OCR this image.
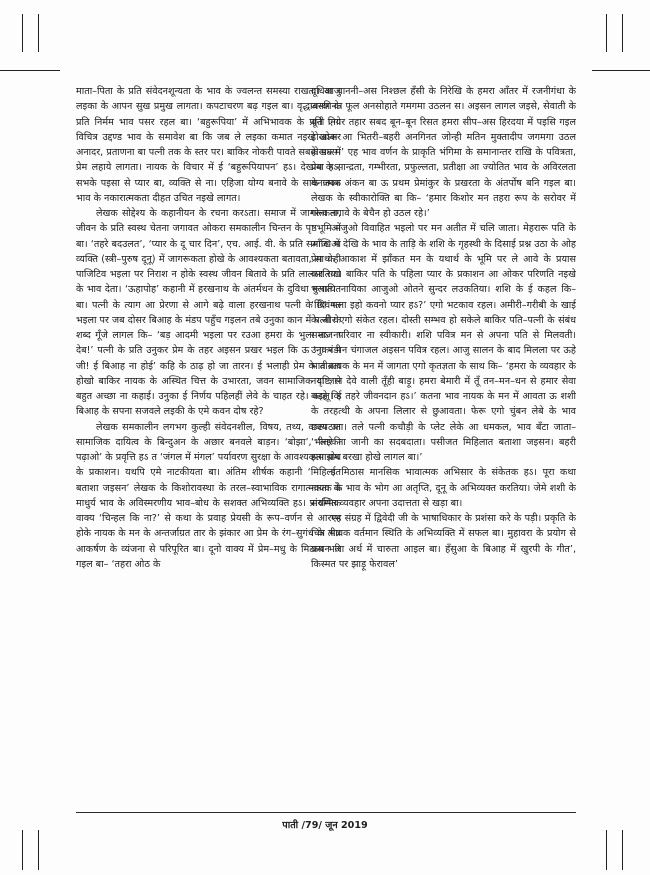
माता–पिता के प्रति संवेदनशून्यता के भाव के ज्वलन्त समस्या राखता। आजु लइका के आपन सुख प्रमुख लागता। कपटाचरण बढ़ गइल बा। वृद्धावस्था के प्रति निर्मम भाव पसर रहल बा। ‘बहुरूपिया’ में अभिभावक के प्रति एगो विचित्र उद्दण्ड भाव के समावेश बा कि जब ले लइका कमात नइखे ओकर अनादर, प्रताणना बा पत्नी तक के स्तर पर। बाकिर नोकरी पावते सबके मन में प्रेम लहाये लागता। नायक के विचार में ई ‘बहुरूपियापन’ हऽ। देखावा हऽ, सभके पइसा से प्यार बा, व्यक्ति से ना। एहिजा योग्य बनावे के साधनात्मक भाव के नकारात्मकता दीहत उचित नइखे लागत।

लेखक सोद्देश्य के कहानीयन के रचना करऽता। समाज में जागरूकता, जीवन के प्रति स्वस्थ चेतना जगावत ओकरा समकालीन चिन्तन के पृष्ठभूमि में बा। ‘तहरे बदउलत’, ‘प्यार के दू चार दिन’, एच. आई. वी. के प्रति समाज आ व्यक्ति (स्त्री–पुरुष दूनू) में जागरूकता होखे के आवश्यकता बतावता, साथ ही पाजिटिव भइला पर निराश न होके स्वस्थ जीवन बितावे के प्रति लालसा राखे के भाव देता। ‘ऊहापोह’ कहानी में हरखनाथ के अंतर्मथन के दुविधा रूपायित बा। पत्नी के त्याग आ प्रेरणा से आगे बढ़े वाला हरखनाथ पत्नी के दिवंगत भइला पर जब दोसर बिआह के मंडप पहुँच गइलन तबे उनुका कान में पत्नी के शब्द गूँजे लागल कि– ‘बड़ आदमी भइला पर रउआ हमरा के भुला तऽ ना देब!’ पत्नी के प्रति उनुकर प्रेम के तहर अइसन प्रखर भइल कि ऊ ‘ना पंडी जी! ई बिआह ना होई’ कहि के ठाढ़ हो जा तारन। ई भलाही प्रेम के तीव्रता होखो बाकिर नायक के अस्थित चित्त के उभारता, जवन सामाजिक दृष्टि से बहुत अच्छा ना कहाई। उनुका ई निर्णय पहिलहीं लेवे के चाहत रहे। काहे कि बिआह के सपना सजवले लइकी के एमे कवन दोष रहे?

लेखक समकालीन लगभग कुल्ही संवेदनशील, विषय, तथ्य, वाक्य आ सामाजिक दायित्व के बिन्दुअन के अछार बनवले बाड़न। ‘बोझा’, ‘लइकी पढ़ाओ’ के प्रवृत्ति हऽ त ‘जंगल में मंगल’ पर्यावरण सुरक्षा के आवश्यकता बोध के प्रकाशन। यथपि एमे नाटकीयता बा। अंतिम शीर्षक कहानी ‘मिहिलात बताशा जइसन’ लेखक के किशोरावस्था के तरल–स्वाभाविक रागात्मकता के माधुर्य भाव के अविस्मरणीय भाव–बोध के सशक्त अभिव्यक्ति हऽ। प्रारम्भिक वाक्य ‘चिन्हल कि ना?’ से कथा के प्रवाह प्रेयसी के रूप–वर्णन से आरम्भ होके नायक के मन के अन्तर्जाग्रत तार के झंकार आ प्रेम के रंग–सुगंध के तीव्र आकर्षण के व्यंजना से परिपूरित बा। दूनो वाक्य में प्रेम–मधु के मिठास भरि गइल बा– ‘तहरा ओठ के

दूधिया चाननी–अस निश्छल हँसी के निरेखि के हमरा आँतर में रजनीगंधा के अनगिनत फूल अनसोहाते गमगमा उठलन स। अइसन लागल जइसे, सेवाती के बूनी नियर तहार सबद बून–बून रिसत हमरा सीप–अस हिरदया में पइसि गइल होखऽस आ भितरी–बहरी अनगिनत जोन्ही मतिन मुक्तादीप जगमगा उठल होखऽस।’ एह भाव वर्णन के प्राकृति भंगिमा के समानान्तर राखि के पवित्रता, प्रेम के सान्द्रता, गम्भीरता, प्रफुल्लता, प्रतीक्षा आ ज्योतित भाव के अविरलता के जवन अंकन बा ऊ प्रथम प्रेमांकुर के प्रखरता के अंतर्पोष बनि गइल बा। लेखक के स्वीकारोक्ति बा कि– ‘हमार किशोर मन तहरा रूप के सरोवर में गोता लगावे के बेचैन हो उठल रहे।’

आजुओ विवाहित भइलो पर मन अतीत में चलि जाता। मेहरारू पति के आँखि में देखि के भाव के ताड़ि के शशि के गृहस्थी के दिसाई प्रश्न उठा के ओह प्रेम के आकाश में झाँकत मन के यथार्थ के भूमि पर ले आवे के प्रयास करतिया। बाकिर पति के पहिला प्यार के प्रकाशन आ ओकर परिणति नइखे भुलात। नायिका आजुओ ओतने सुन्दर लउकतिया। शशि के ई कहल कि– ‘छि! भला इहो कवनो प्यार हऽ?’ एगो भटकाव रहल। अमीरी–गरीबी के खाई के ओर एगो संकेत रहल। दोस्ती सम्भव हो सकेले बाकिर पति–पत्नी के संबंध समाज परिवार ना स्वीकारी। शशि पवित्र मन से अपना पति से मिलवती। उनुकर मन चंगाजल अइसन पवित्र रहल। आजु सालन के बाद मिलला पर ऊहे भाव नायक के मन में जागता एगो कृतज्ञता के साथ कि– ‘हमरा के व्यवहार के नया ज्ञान देवे वाली तूँही बाड़ू। हमरा बेमारी में तूँ तन–मन–धन से हमार सेवा कइलू। ई तहरे जीवनदान हऽ।’ कतना भाव नायक के मन में आवता ऊ शशी के तरहत्थी के अपना लिलार से छुआवता। फेरू एगो चुंबन लेबे के भाव छटपटाता। तले पत्नी कचौड़ी के प्लेट लेके आ धमकल, भाव बँटा जाता– ‘भीतरे ना जानी का सदबदाता। पसीजत मिहिलात बताशा जइसन। बहरी झमाझम बरखा होखे लागल बा।’

ई मिठास मानसिक भावात्मक अभिसार के संकेतक हऽ। पूरा कथा नायक के भाव के भोग आ अतृप्ति, दूनू के अभिव्यक्त करतिया। जेमे शशी के संयमित व्यवहार अपना उदात्तता से खड़ा बा।

एह संग्रह में द्विवेदी जी के भाषाधिकार के प्रशंसा करे के पड़ी। प्रकृति के चित्र भावक वर्तमान स्थिति के अभिव्यक्ति में सफल बा। मुहावरा के प्रयोग से कथन आ अर्थ में चारुता आइल बा। हँसुआ के बिआह में खुरपी के गीत’, किस्मत पर झाड़ू फेरावल’

पाती /79/ जून 2019
